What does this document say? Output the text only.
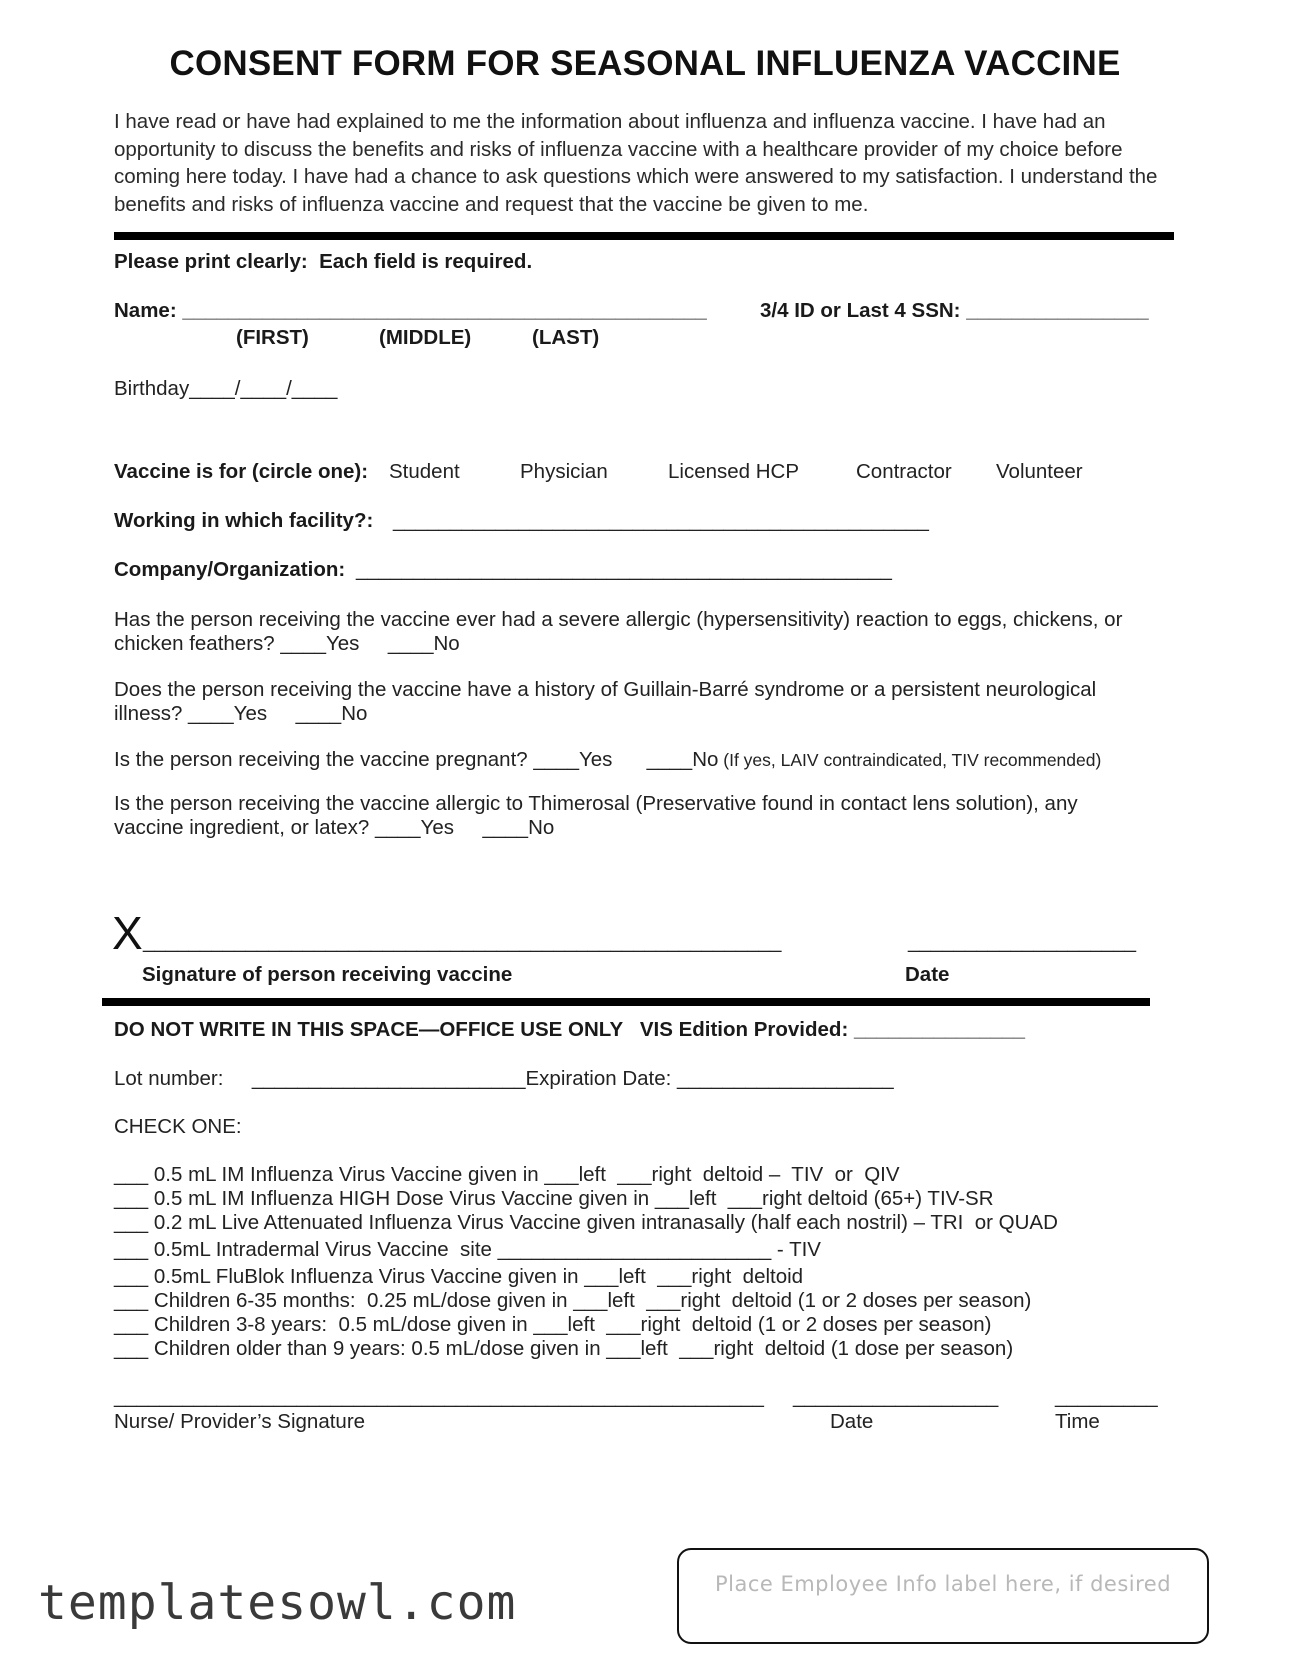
CONSENT FORM FOR SEASONAL INFLUENZA VACCINE
I have read or have had explained to me the information about influenza and influenza vaccine. I have had an opportunity to discuss the benefits and risks of influenza vaccine with a healthcare provider of my choice before coming here today. I have had a chance to ask questions which were answered to my satisfaction. I understand the benefits and risks of influenza vaccine and request that the vaccine be given to me.
Please print clearly:  Each field is required.
Name: ______________________________________________	3/4 ID or Last 4 SSN: ________________
(FIRST)	(MIDDLE)	(LAST)
Birthday____/____/____
Vaccine is for (circle one): Student	Physician	Licensed HCP	Contractor Volunteer
Working in which facility?: _______________________________________________
Company/Organization: _______________________________________________
Has the person receiving the vaccine ever had a severe allergic (hypersensitivity) reaction to eggs, chickens, or
chicken feathers? ____Yes     ____No
Does the person receiving the vaccine have a history of Guillain-Barré syndrome or a persistent neurological
illness? ____Yes     ____No
Is the person receiving the vaccine pregnant? ____Yes      ____No (If yes, LAIV contraindicated, TIV recommended)
Is the person receiving the vaccine allergic to Thimerosal (Preservative found in contact lens solution), any
vaccine ingredient, or latex? ____Yes     ____No
X ________________________________________________________	____________________
Signature of person receiving vaccine	Date
DO NOT WRITE IN THIS SPACE—OFFICE USE ONLY   VIS Edition Provided: _______________
Lot number:     ________________________Expiration Date: ___________________
CHECK ONE:
___ 0.5 mL IM Influenza Virus Vaccine given in ___left  ___right  deltoid –  TIV  or  QIV
___ 0.5 mL IM Influenza HIGH Dose Virus Vaccine given in ___left  ___right deltoid (65+) TIV-SR
___ 0.2 mL Live Attenuated Influenza Virus Vaccine given intranasally (half each nostril) – TRI  or QUAD
___ 0.5mL Intradermal Virus Vaccine  site ________________________ - TIV
___ 0.5mL FluBlok Influenza Virus Vaccine given in ___left  ___right  deltoid
___ Children 6-35 months:  0.25 mL/dose given in ___left  ___right  deltoid (1 or 2 doses per season)
___ Children 3-8 years:  0.5 mL/dose given in ___left  ___right  deltoid (1 or 2 doses per season)
___ Children older than 9 years: 0.5 mL/dose given in ___left  ___right  deltoid (1 dose per season)
_________________________________________________________ __________________	_________
Nurse/ Provider’s Signature	Date	Time
Place Employee Info label here, if desired
templatesowl.com
